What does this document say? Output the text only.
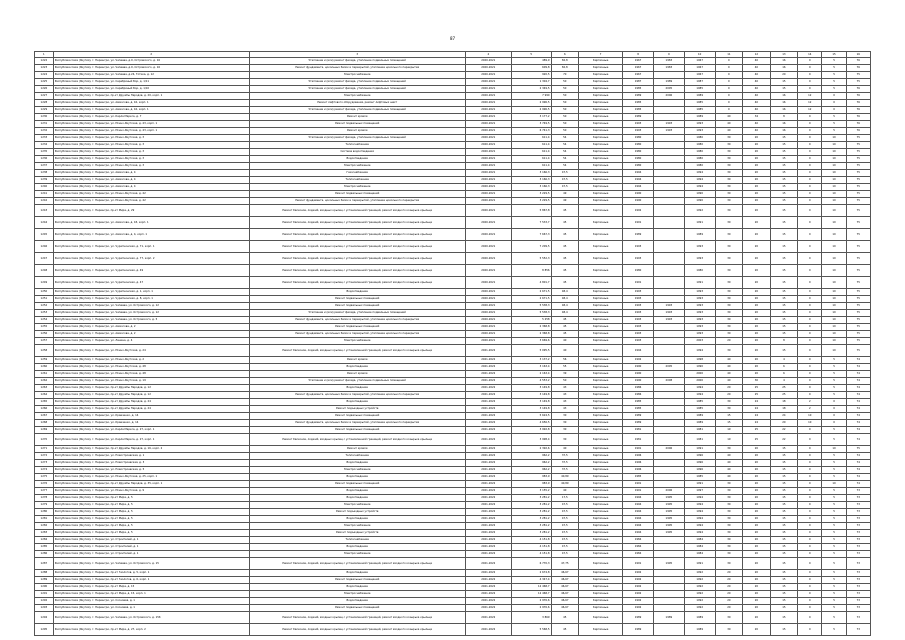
87
1	2	3	4	5	6	7	8	9	10	11	12	13	14	15	16
1222	Республика Саха (Якутия), г. Нерюнгри, ул. Чапаева, д.9, Островского, д. 16	Утепление и (или) ремонт фасада, утепление подвальных помещений	2020-2021	489,9	82,8	Кирпичные	1967	1983	1967	0	40	16	0	5	76
1223	Республика Саха (Якутия), г. Нерюнгри, ул. Чапаева, д.9, Островского, д. 16	Ремонт фундамента, цокольных балок и перекрытий, утепление цокольного перекрытия	2020-2021	609,8	82,8	Кирпичные	1967	1983	1967	0	40	16	0	5	76
1224	Республика Саха (Якутия), г. Нерюнгри, ул. Чапаева, д.24, Тотика, д. 12	Электроснабжение	2020-2021	920,5	70	Кирпичные	1967		1967	0	40	20	0	5	75
1225	Республика Саха (Якутия), г. Нерюнгри, ул. Серебряный Бор, д. 1/11	Утепление и (или) ремонт фасада, утепление подвальных помещений	2020-2021	1 304,7	50	Кирпичные	1987	1989	1987	0	40	15	0	5	75
1226	Республика Саха (Якутия), г. Нерюнгри, ул. Серебряный Бор, д. 1/10	Утепление и (или) ремонт фасада, утепление подвальных помещений	2020-2021	2 349,5	50	Кирпичные	1985	2005	1985	0	40	15	0	5	76
1227	Республика Саха (Якутия), г. Нерюнгри, пр-кт Дружбы Народов, д. 20, корп. 1	Электроснабжение	2020-2021	7 990	50	Кирпичные	1989	2006	1989	0	40	16	12	0	76
1228	Республика Саха (Якутия), г. Нерюнгри, ул. Аммосова, д. 16, корп. 1	Ремонт лифтового оборудования, ремонт лифтовых шахт	2020-2021	2 996,5	50	Кирпичные	1985		1985	0	40	16	12	0	76
1229	Республика Саха (Якутия), г. Нерюнгри, ул. Аммосова, д. 16, корп. 1	Утепление и (или) ремонт фасада, утепление подвальных помещений	2020-2021	2 996,5	50	Кирпичные	1985		1985	0	40	16	12	0	76
1230	Республика Саха (Якутия), г. Нерюнгри, ул. Карла Маркса, д. 7	Ремонт кровли	2020-2021	3 177,2	50	Кирпичные	1989		1989	40	34	8	0	5	76
1231	Республика Саха (Якутия), г. Нерюнгри, ул. Южно-Якутская, д. 43, корп. 1	Ремонт подвальных помещений	2020-2021	3 749,5	50	Кирпичные	1993	1993	1993	40	40	16	0	5	76
1232	Республика Саха (Якутия), г. Нерюнгри, ул. Южно-Якутская, д. 43, корп. 1	Ремонт кровли	2020-2021	6 741,3	50	Кирпичные	1993	1993	1993	40	40	16	0	5	76
1233	Республика Саха (Якутия), г. Нерюнгри, ул. Южно-Якутская, д. 3	Утепление и (или) ремонт фасада, утепление подвальных помещений	2020-2021	611,4	54	Кирпичные	1980		1980	30	20	15	0	10	75
1234	Республика Саха (Якутия), г. Нерюнгри, ул. Южно-Якутская, д. 3	Теплоснабжение	2020-2021	611,4	54	Кирпичные	1980		1980	30	20	15	0	10	75
1235	Республика Саха (Якутия), г. Нерюнгри, ул. Южно-Якутская, д. 3	Система водоотведения	2020-2021	611,4	54	Кирпичные	1980		1980	30	20	15	0	10	75
1236	Республика Саха (Якутия), г. Нерюнгри, ул. Южно-Якутская, д. 3	Водоотведение	2020-2021	611,4	54	Кирпичные	1980		1980	30	20	15	0	10	75
1237	Республика Саха (Якутия), г. Нерюнгри, ул. Южно-Якутская, д. 3	Электроснабжение	2020-2021	611,4	54	Кирпичные	1980		1980	30	20	15	0	10	75
1238	Республика Саха (Якутия), г. Нерюнгри, ул. Аммосова, д. 4	Газоснабжение	2020-2021	3 166,3	47,5	Кирпичные	1994		1994	30	20	15	0	10	75
1239	Республика Саха (Якутия), г. Нерюнгри, ул. Аммосова, д. 4	Теплоснабжение	2020-2021	3 166,3	47,5	Кирпичные	1994		1994	30	20	15	0	10	75
1240	Республика Саха (Якутия), г. Нерюнгри, ул. Аммосова, д. 4	Электроснабжение	2020-2021	3 166,3	47,5	Кирпичные	1994		1994	30	20	15	0	10	75
1241	Республика Саха (Якутия), г. Нерюнгри, ул. Южно-Якутская, д. 42	Ремонт подвальных помещений	2020-2021	3 229,5	49	Кирпичные	1990		1990	30	20	15	0	10	75
1242	Республика Саха (Якутия), г. Нерюнгри, ул. Южно-Якутская, д. 42	Ремонт фундамента, цокольных балок и перекрытий, утепление цокольного перекрытия	2020-2021	3 229,5	49	Кирпичные	1990		1990	30	20	15	0	10	75
1243	Республика Саха (Якутия), г. Нерюнгри, пр-кт Мира, д. 29	Ремонт балконов, лоджий, входных крылец с установленной границей, ремонт входного козырька крыльца	2020-2021	5 867,8	45	Кирпичные	1992		1992	30	20	15	0	10	75
1244	Республика Саха (Якутия), г. Нерюнгри, ул. Аммосова, д. 18, корп. 1	Ремонт балконов, лоджий, входных крылец с установленной границей, ремонт входного козырька крыльца	2020-2021	7 533,7	45	Кирпичные	1991		1991	30	20	15	0	10	75
1245	Республика Саха (Якутия), г. Нерюнгри, ул. Аммосова, д. 4, корп. 1	Ремонт балконов, лоджий, входных крылец с установленной границей, ремонт входного козырька крыльца	2020-2021	7 667,3	45	Кирпичные	1989		1989	30	20	15	0	10	75
1246	Республика Саха (Якутия), г. Нерюнгри, ул. Чурапчинская, д. 71, корп. 1	Ремонт балконов, лоджий, входных крылец с установленной границей, ремонт входного козырька крыльца	2020-2021	7 209,5	45	Кирпичные	1993		1993	30	20	15	0	10	75
1247	Республика Саха (Якутия), г. Нерюнгри, ул. Чурапчинская, д. 77, корп. 2	Ремонт балконов, лоджий, входных крылец с установленной границей, ремонт входного козырька крыльца	2020-2021	5 552,3	45	Кирпичные	1993		1993	30	20	15	0	10	75
1248	Республика Саха (Якутия), г. Нерюнгри, ул. Чурапчинская, д. 49	Ремонт балконов, лоджий, входных крылец с установленной границей, ремонт входного козырька крыльца	2020-2021	8 856	45	Кирпичные	1980		1980	30	20	15	0	10	75
1249	Республика Саха (Якутия), г. Нерюнгри, ул. Чурапчинская, д. 47	Ремонт балконов, лоджий, входных крылец с установленной границей, ремонт входного козырька крыльца	2020-2021	4 801,7	45	Кирпичные	1991		1991	30	20	15	0	10	75
1250	Республика Саха (Якутия), г. Нерюнгри, ул. Чурапчинская, д. 1, корп. 1	Водоотведение	2020-2021	2 671,5	48,4	Кирпичные	1993		1993	30	20	15	0	10	75
1251	Республика Саха (Якутия), г. Нерюнгри, ул. Чурапчинская, д. 8, корп. 1	Ремонт подвальных помещений	2020-2021	2 671,5	48,4	Кирпичные	1993		1993	30	20	15	0	10	75
1252	Республика Саха (Якутия), г. Нерюнгри, ул. Чапаева, ул. Островского, д. 12	Ремонт подвальных помещений	2020-2021	5 538,3	48,4	Кирпичные	1993	1993	1993	30	20	15	0	10	75
1253	Республика Саха (Якутия), г. Нерюнгри, ул. Чапаева, ул. Островского, д. 12	Утепление и (или) ремонт фасада, утепление подвальных помещений	2020-2021	5 538,3	48,4	Кирпичные	1993	1993	1993	30	20	15	0	10	75
1254	Республика Саха (Якутия), г. Нерюнгри, ул. Чапаева, ул. Островского, д. 5	Ремонт фундамента, цокольных балок и перекрытий, утепление цокольного перекрытия	2020-2021	5 258	45	Кирпичные	1993	1993	1993	30	20	15	0	10	75
1255	Республика Саха (Якутия), г. Нерюнгри, ул. Аммосова, д. 2	Ремонт подвальных помещений	2020-2021	2 368,8	45	Кирпичные	1993		1993	30	20	15	0	10	75
1256	Республика Саха (Якутия), г. Нерюнгри, ул. Аммосова, д. 2	Ремонт фундамента, цокольных балок и перекрытий, утепление цокольного перекрытия	2020-2021	2 368,8	45	Кирпичные	1993		1993	30	20	15	0	10	75
1257	Республика Саха (Якутия), г. Нерюнгри, ул. Ленина, д. 4	Электроснабжение	2020-2021	3 669,6	40	Кирпичные	1993		2003	20	20	8	0	10	75
1258	Республика Саха (Якутия), г. Нерюнгри, ул. Южно-Якутская, д. 24	Ремонт балконов, лоджий, входных крылец с установленной границей, ремонт входного козырька крыльца	2021-2022	5 095,5	40	Кирпичные	1994		1994	30	20	15	0	10	75
1259	Республика Саха (Якутия), г. Нерюнгри, ул. Южно-Якутская, д. 2	Ремонт кровли	2021-2022	3 137,2	56	Кирпичные	1992		1998	40	20	4	0	5	74
1260	Республика Саха (Якутия), г. Нерюнгри, ул. Южно-Якутская, д. 48	Водоотведение	2021-2022	3 163,4	55	Кирпичные	1990	2005	1990	40	20	6	0	5	74
1261	Республика Саха (Якутия), г. Нерюнгри, ул. Южно-Якутская, д. 48	Ремонт кровли	2021-2022	2 163,4	39	Кирпичные	1990		2000	40	20	6	0	5	74
1262	Республика Саха (Якутия), г. Нерюнгри, ул. Южно-Якутская, д. 19	Утепление и (или) ремонт фасада, утепление подвальных помещений	2021-2022	4 553,2	50	Кирпичные	1990	2008	2000	40	30	4	0	5	74
1263	Республика Саха (Якутия), г. Нерюнгри, пр-кт Дружбы Народов, д. 12	Водоотведение	2021-2022	3 149,8	43	Кирпичные	1986		1994	20	25	25	0	5	74
1264	Республика Саха (Якутия), г. Нерюнгри, пр-кт Дружбы Народов, д. 12	Ремонт фундамента, цокольных балок и перекрытий, утепление цокольного перекрытия	2021-2022	3 149,8	43	Кирпичные	1986		1994	20	25	25	0	5	74
1265	Республика Саха (Якутия), г. Нерюнгри, пр-кт Дружбы Народов, д. 24	Водоотведение	2021-2022	3 149,8	43	Кирпичные	1985		1985	30	24	18	2	0	74
1266	Республика Саха (Якутия), г. Нерюнгри, пр-кт Дружбы Народов, д. 24	Ремонт подъездных устройств	2021-2022	3 149,8	43	Кирпичные	1985		1985	30	24	18	2	0	74
1267	Республика Саха (Якутия), г. Нерюнгри, ул. Кравченко, д. 14	Ремонт подвальных помещений	2021-2022	5 624,5	30	Кирпичные	1989		1989	15	24	24	10	0	74
1268	Республика Саха (Якутия), г. Нерюнгри, ул. Кравченко, д. 14	Ремонт фундамента, цокольных балок и перекрытий, утепление цокольного перекрытия	2021-2022	4 656,5	30	Кирпичные	1989		1989	15	24	20	10	0	74
1269	Республика Саха (Якутия), г. Нерюнгри, ул. Карла Маркса, д. 27, корп. 1	Ремонт подвальных помещений	2021-2022	3 992,8	30	Кирпичные	1981		1981	19	25	22	0	5	74
1270	Республика Саха (Якутия), г. Нерюнгри, ул. Карла Маркса, д. 27, корп. 1	Ремонт балконов, лоджий, входных крылец с установленной границей, ремонт входного козырька крыльца	2021-2022	3 998,4	30	Кирпичные	1981		1981	19	25	22	0	5	74
1271	Республика Саха (Якутия), г. Нерюнгри, пр-кт Дружбы Народов, д. 16, корп. 2	Ремонт кровли	2021-2022	2 392,6	40	Кирпичные	1991	2006	1991	30	20	15	0	10	75
1272	Республика Саха (Якутия), г. Нерюнгри, ул. Новостроевская, д. 1	Теплоснабжение	2021-2022	962,2	37,5	Кирпичные	1996		1996	40	20	15	0	5	74
1273	Республика Саха (Якутия), г. Нерюнгри, ул. Новостроевская, д. 3	Водоотведение	2021-2022	962,2	37,5	Кирпичные	1996		1996	40	20	15	0	5	74
1274	Республика Саха (Якутия), г. Нерюнгри, ул. Новостроевская, д. 5	Электроснабжение	2021-2022	962,2	37,5	Кирпичные	1996		1996	40	20	15	0	5	74
1275	Республика Саха (Якутия), г. Нерюнгри, ул. Южно-Якутская, д. 25, корп. 1	Водоотведение	2021-2022	983,9	40,89	Кирпичные	1985		1985	40	20	15	0	5	74
1276	Республика Саха (Якутия), г. Нерюнгри, пр-кт Дружбы Народов, д. 35, корп. 1	Ремонт подвальных помещений	2021-2022	983,9	40,89	Кирпичные	1991		1991	30	20	15	0	10	74
1277	Республика Саха (Якутия), г. Нерюнгри, ул. Южно-Якутская, д. 9	Водоотведение	2021-2022	3 155,2	40	Кирпичные	1991	2006	1997	30	20	15	0	5	73
1278	Республика Саха (Якутия), г. Нерюнгри, пр-кт Мира, д. 5	Водоотведение	2021-2022	3 281,2	17,5	Кирпичные	1994	1995	1994	30	20	15	0	5	73
1279	Республика Саха (Якутия), г. Нерюнгри, пр-кт Мира, д. 5	Электроснабжение	2021-2022	3 281,2	47,5	Кирпичные	1994	1995	1994	30	20	15	0	5	73
1280	Республика Саха (Якутия), г. Нерюнгри, пр-кт Мира, д. 5	Ремонт подъездных устройств	2021-2022	3 281,2	47,5	Кирпичные	1994	1995	1994	30	20	15	0	5	73
1281	Республика Саха (Якутия), г. Нерюнгри, пр-кт Мира, д. 5	Водоотведение	2021-2022	3 281,2	47,5	Кирпичные	1994	1995	1994	30	20	15	0	5	73
1282	Республика Саха (Якутия), г. Нерюнгри, пр-кт Мира, д. 5	Электроснабжение	2021-2022	3 281,2	47,5	Кирпичные	1994	1995	1994	30	20	15	0	5	73
1283	Республика Саха (Якутия), г. Нерюнгри, пр-кт Мира, д. 5	Ремонт подъездных устройств	2021-2022	3 281,2	47,5	Кирпичные	1994	1995	1994	30	20	15	0	5	73
1284	Республика Саха (Якутия), г. Нерюнгри, ул. Строителей, д. 1	Теплоснабжение	2021-2022	4 151,8	47,5	Кирпичные	1984		1984	30	20	15	0	5	73
1285	Республика Саха (Якутия), г. Нерюнгри, ул. Строителей, д. 1	Водоотведение	2021-2022	4 151,8	47,5	Кирпичные	1984		1984	30	20	15	0	5	73
1286	Республика Саха (Якутия), г. Нерюнгри, ул. Строителей, д. 1	Электроснабжение	2021-2022	4 151,8	47,5	Кирпичные	1984		1984	30	20	15	0	5	73
1287	Республика Саха (Якутия), г. Нерюнгри, ул. Чапаева, ул. Островского, д. 15	Ремонт балконов, лоджий, входных крылец с установленной границей, ремонт входного козырька крыльца	2021-2022	6 770,3	47,75	Кирпичные	1991	1995	1991	30	20	15	0	5	73
1288	Республика Саха (Якутия), г. Нерюнгри, пр-кт Геологов, д. 5, корп. 1	Водоотведение	2021-2022	2 674,8	46,67	Кирпичные	1992		1992	20	20	15	0	5	73
1289	Республика Саха (Якутия), г. Нерюнгри, пр-кт Геологов, д. 6, корп. 1	Ремонт подвальных помещений	2021-2022	4 347,4	46,67	Кирпичные	1992		1992	20	20	15	0	5	73
1290	Республика Саха (Якутия), г. Нерюнгри, пр-кт Мира, д. 15	Водоотведение	2021-2022	12 468,7	46,67	Кирпичные	1992		1992	20	20	15	0	5	73
1291	Республика Саха (Якутия), г. Нерюнгри, пр-кт Мира, д. 15, корп. 1	Электроснабжение	2021-2022	12 468,7	46,67	Кирпичные	1992		1992	20	20	15	0	5	73
1292	Республика Саха (Якутия), г. Нерюнгри, ул. Сосновая, д. 1	Водоотведение	2021-2022	2 976,6	46,67	Кирпичные	1992		1992	20	20	15	0	5	73
1293	Республика Саха (Якутия), г. Нерюнгри, ул. Сосновая, д. 1	Ремонт подвальных помещений	2021-2022	2 976,6	46,67	Кирпичные	1992		1992	20	20	15	0	5	73
1294	Республика Саха (Якутия), г. Нерюнгри, ул. Чапаева, ул. Островского, д. 15б	Ремонт балконов, лоджий, входных крылец с установленной границей, ремонт входного козырька крыльца	2021-2022	3 869	45	Кирпичные	1989	1989	1989	30	20	15	0	5	73
1295	Республика Саха (Якутия), г. Нерюнгри, пр-кт Мира, д. 27, корп. 2	Ремонт балконов, лоджий, входных крылец с установленной границей, ремонт входного козырька крыльца	2021-2022	5 568,5	45	Кирпичные	1989		1989	30	20	15	0	5	73
